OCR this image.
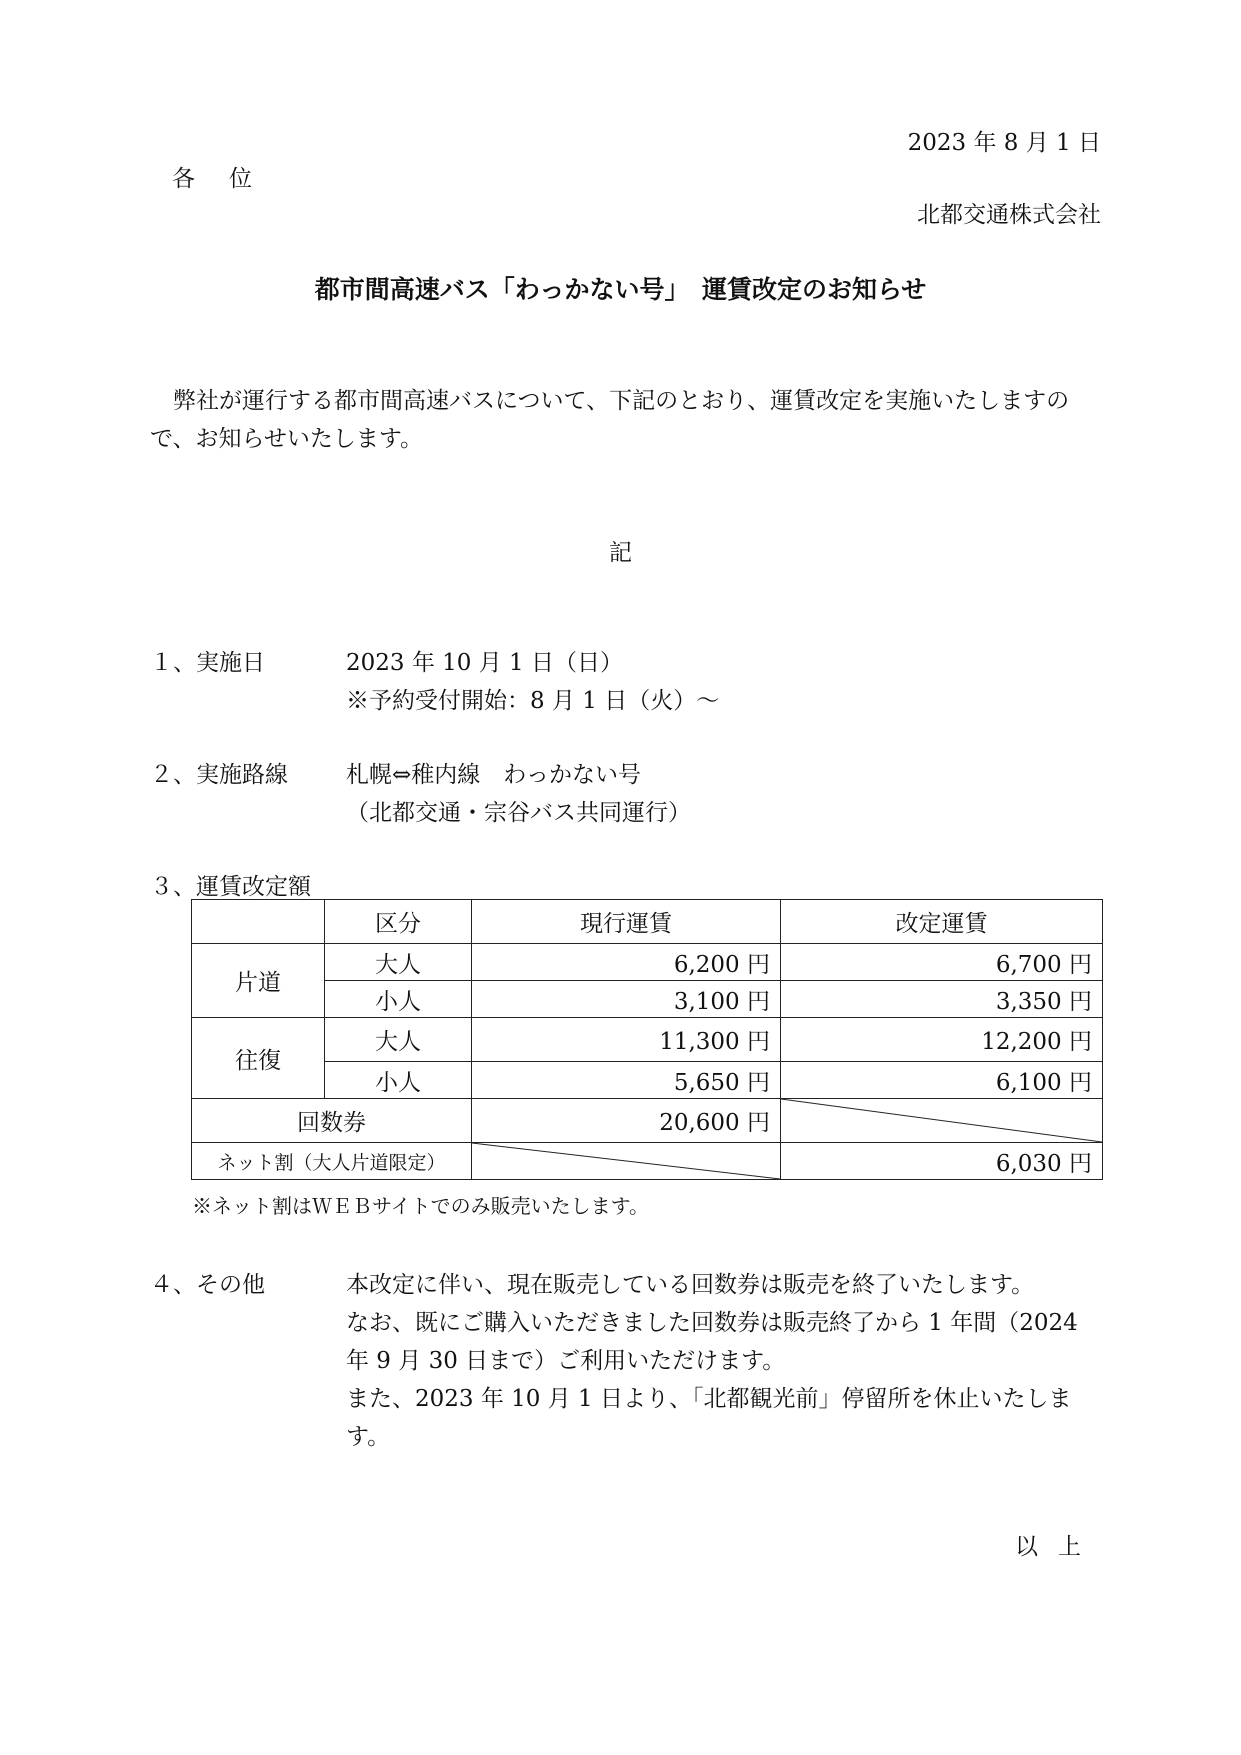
2023 年 8 月 1 日
各位
北都交通株式会社
都市間高速バス「わっかない号」　運賃改定のお知らせ
弊社が運行する都市間高速バスについて、下記のとおり、運賃改定を実施いたしますので、お知らせいたします。
記
１、実施日	2023 年 10 月 1 日（日）
※予約受付開始：8 月 1 日（火）～
２、実施路線	札幌⇔稚内線　わっかない号
（北都交通・宗谷バス共同運行）
３、運賃改定額
	区分	現行運賃	改定運賃
片道	大人	6,200 円	6,700 円
	小人	3,100 円	3,350 円
往復	大人	11,300 円	12,200 円
	小人	5,650 円	6,100 円
回数券		20,600 円	

ネット割（大人片道限定）			6,030 円
※ネット割はＷＥＢサイトでのみ販売いたします。
４、その他	本改定に伴い、現在販売している回数券は販売を終了いたします。

なお、既にご購入いただきました回数券は販売終了から 1 年間（2024 年 9 月 30 日まで）ご利用いただけます。

また、2023 年 10 月 1 日より、「北都観光前」停留所を休止いたします。

以上
